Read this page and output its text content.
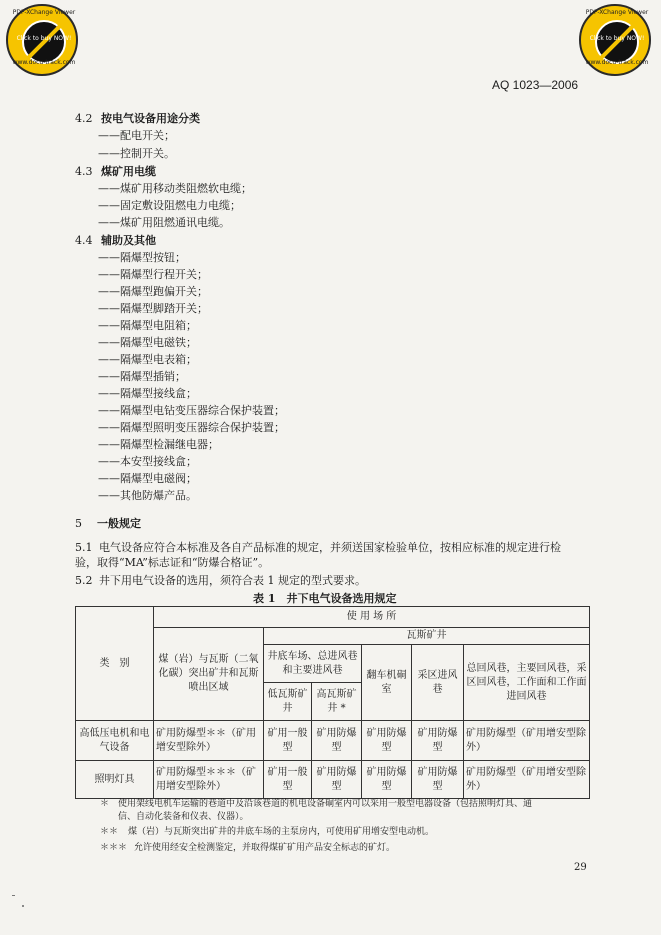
PDF-XChange Viewer
Click to buy NOW!
www.docu-track.com
PDF-XChange Viewer
Click to buy NOW!
www.docu-track.com
AQ 1023—2006
4.2 按电气设备用途分类
——配电开关；
——控制开关。
4.3 煤矿用电缆
——煤矿用移动类阻燃软电缆；
——固定敷设阻燃电力电缆；
——煤矿用阻燃通讯电缆。
4.4 辅助及其他
——隔爆型按钮；
——隔爆型行程开关；
——隔爆型跑偏开关；
——隔爆型脚踏开关；
——隔爆型电阻箱；
——隔爆型电磁铁；
——隔爆型电表箱；
——隔爆型插销；
——隔爆型接线盒；
——隔爆型电钻变压器综合保护装置；
——隔爆型照明变压器综合保护装置；
——隔爆型检漏继电器；
——本安型接线盒；
——隔爆型电磁阀；
——其他防爆产品。
5 一般规定
5.1 电气设备应符合本标准及各自产品标准的规定，并须送国家检验单位，按相应标准的规定进行检
验，取得“MA”标志证和“防爆合格证”。
5.2 井下用电气设备的选用，须符合表 1 规定的型式要求。
表 1　井下电气设备选用规定
类　别	使 用 场 所					
	煤（岩）与瓦斯（二氧化碳）突出矿井和瓦斯喷出区域	瓦斯矿井				
		井底车场、总进风巷和主要进风巷		翻车机硐室	采区进风巷	总回风巷，主要回风巷，采区回风巷，工作面和工作面进回风巷
		低瓦斯矿井	高瓦斯矿井 *			
高低压电机和电气设备	矿用防爆型＊＊（矿用增安型除外）	矿用一般型	矿用防爆型	矿用防爆型	矿用防爆型	矿用防爆型（矿用增安型除外）
照明灯具	矿用防爆型＊＊＊（矿用增安型除外）	矿用一般型	矿用防爆型	矿用防爆型	矿用防爆型	矿用防爆型（矿用增安型除外）
＊ 使用架线电机车运输的巷道中及沿该巷道的机电设备硐室内可以采用一般型电器设备（包括照明灯具、通
信、自动化装备和仪表、仪器）。
＊＊ 煤（岩）与瓦斯突出矿井的井底车场的主泵房内，可使用矿用增安型电动机。
＊＊＊ 允许使用经安全检测鉴定，并取得煤矿矿用产品安全标志的矿灯。
29
